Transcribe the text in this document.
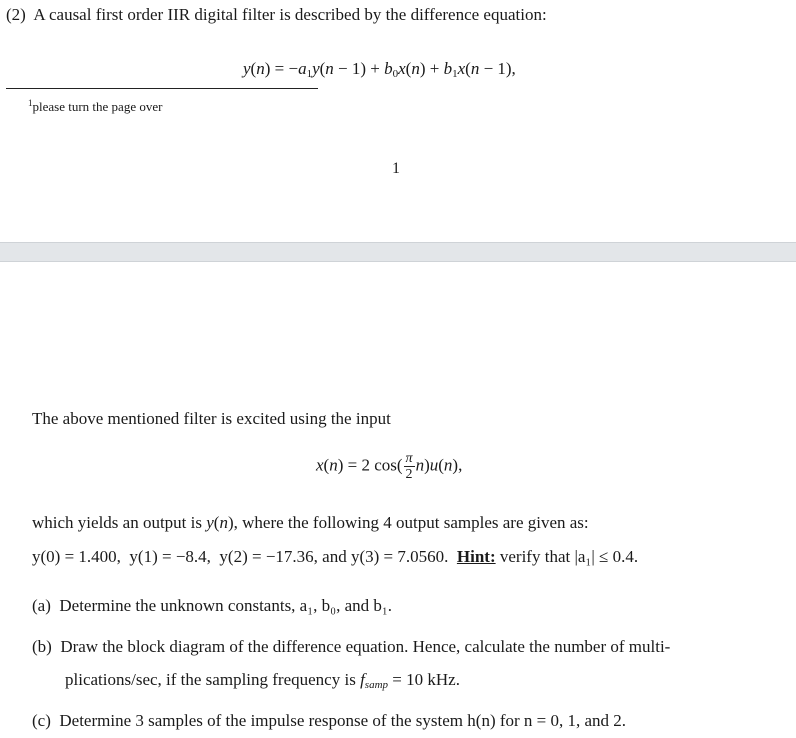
(2) A causal first order IIR digital filter is described by the difference equation:
$y(n) = -a_1y(n - 1) + b_0x(n) + b_1x(n - 1)$,
$^1$please turn the page over
1
The above mentioned filter is excited using the input
x(n) = 2 $\cos( \frac{\pi}{2} n)u(n)$,
which yields an output is y(n), where the following 4 output samples are given as:
y(0) = 1.400, y(1) = −8.4, y(2) = −17.36, and y(3) = 7.0560. Hint: verify that |a₁| ≤ 0.4.
(a) Determine the unknown constants, a₁, b₀, and b₁.
(b) Draw the block diagram of the difference equation. Hence, calculate the number of multi-
plications/sec, if the sampling frequency is fsamp = 10 kHz.
(c) Determine 3 samples of the impulse response of the system h(n) for n = 0, 1, and 2.
